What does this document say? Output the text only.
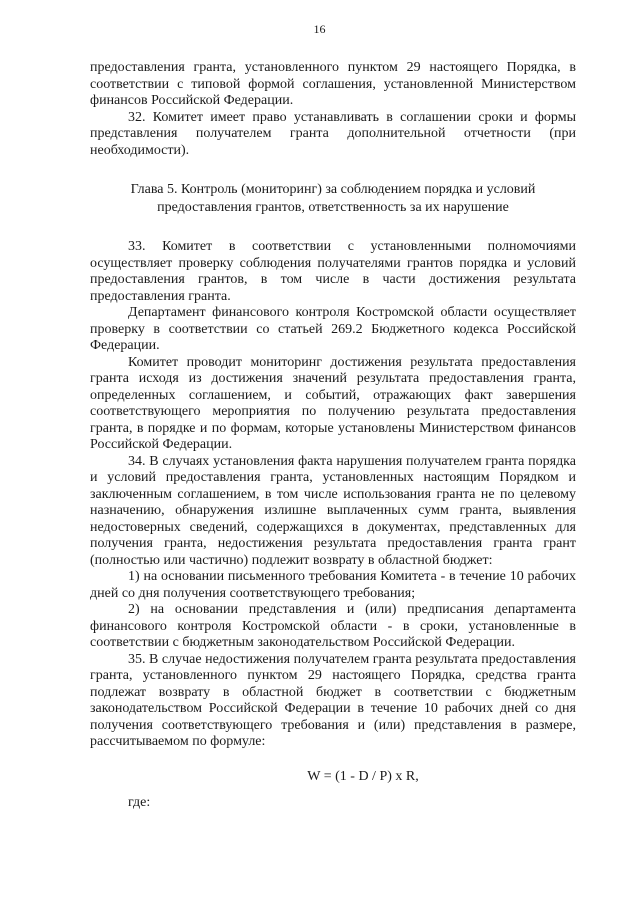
16

предоставления гранта, установленного пунктом 29 настоящего Порядка, в соответствии с типовой формой соглашения, установленной Министерством финансов Российской Федерации.

32. Комитет имеет право устанавливать в соглашении сроки и формы представления получателем гранта дополнительной отчетности (при необходимости).

Глава 5. Контроль (мониторинг) за соблюдением порядка и условий предоставления грантов, ответственность за их нарушение

33. Комитет в соответствии с установленными полномочиями осуществляет проверку соблюдения получателями грантов порядка и условий предоставления грантов, в том числе в части достижения результата предоставления гранта.

Департамент финансового контроля Костромской области осуществляет проверку в соответствии со статьей 269.2 Бюджетного кодекса Российской Федерации.

Комитет проводит мониторинг достижения результата предоставления гранта исходя из достижения значений результата предоставления гранта, определенных соглашением, и событий, отражающих факт завершения соответствующего мероприятия по получению результата предоставления гранта, в порядке и по формам, которые установлены Министерством финансов Российской Федерации.

34. В случаях установления факта нарушения получателем гранта порядка и условий предоставления гранта, установленных настоящим Порядком и заключенным соглашением, в том числе использования гранта не по целевому назначению, обнаружения излишне выплаченных сумм гранта, выявления недостоверных сведений, содержащихся в документах, представленных для получения гранта, недостижения результата предоставления гранта грант (полностью или частично) подлежит возврату в областной бюджет:

1) на основании письменного требования Комитета - в течение 10 рабочих дней со дня получения соответствующего требования;

2) на основании представления и (или) предписания департамента финансового контроля Костромской области - в сроки, установленные в соответствии с бюджетным законодательством Российской Федерации.

35. В случае недостижения получателем гранта результата предоставления гранта, установленного пунктом 29 настоящего Порядка, средства гранта подлежат возврату в областной бюджет в соответствии с бюджетным законодательством Российской Федерации в течение 10 рабочих дней со дня получения соответствующего требования и (или) представления в размере, рассчитываемом по формуле:

W = (1 - D / P) x R,

где:
